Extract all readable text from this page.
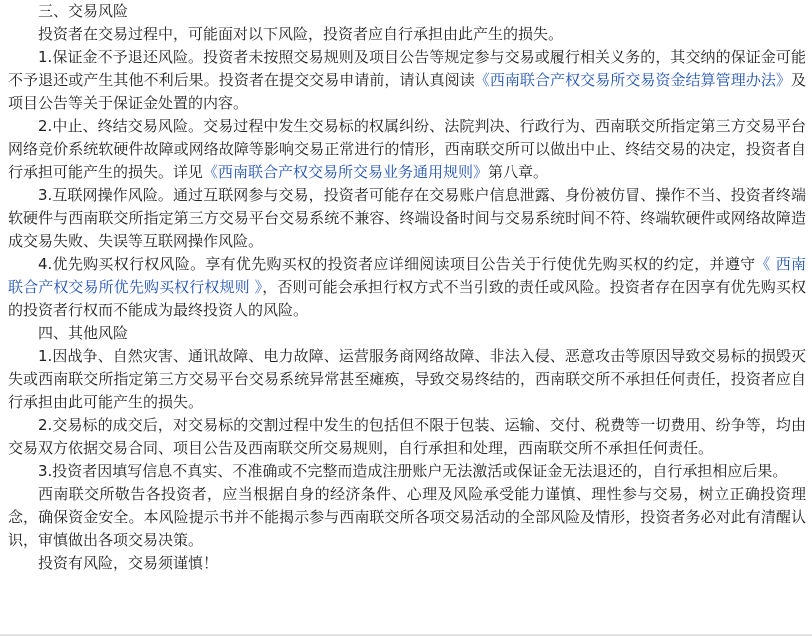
三、交易风险

投资者在交易过程中，可能面对以下风险，投资者应自行承担由此产生的损失。

1.保证金不予退还风险。投资者未按照交易规则及项目公告等规定参与交易或履行相关义务的，其交纳的保证金可能不予退还或产生其他不利后果。投资者在提交交易申请前，请认真阅读《西南联合产权交易所交易资金结算管理办法》及项目公告等关于保证金处置的内容。

2.中止、终结交易风险。交易过程中发生交易标的权属纠纷、法院判决、行政行为、西南联交所指定第三方交易平台网络竞价系统软硬件故障或网络故障等影响交易正常进行的情形，西南联交所可以做出中止、终结交易的决定，投资者自行承担可能产生的损失。详见《西南联合产权交易所交易业务通用规则》第八章。

3.互联网操作风险。通过互联网参与交易，投资者可能存在交易账户信息泄露、身份被仿冒、操作不当、投资者终端软硬件与西南联交所指定第三方交易平台交易系统不兼容、终端设备时间与交易系统时间不符、终端软硬件或网络故障造成交易失败、失误等互联网操作风险。

4.优先购买权行权风险。享有优先购买权的投资者应详细阅读项目公告关于行使优先购买权的约定，并遵守《 西南联合产权交易所优先购买权行权规则 》，否则可能会承担行权方式不当引致的责任或风险。投资者存在因享有优先购买权的投资者行权而不能成为最终投资人的风险。

四、其他风险

1.因战争、自然灾害、通讯故障、电力故障、运营服务商网络故障、非法入侵、恶意攻击等原因导致交易标的损毁灭失或西南联交所指定第三方交易平台交易系统异常甚至瘫痪，导致交易终结的，西南联交所不承担任何责任，投资者应自行承担由此可能产生的损失。

2.交易标的成交后，对交易标的交割过程中发生的包括但不限于包装、运输、交付、税费等一切费用、纷争等，均由交易双方依据交易合同、项目公告及西南联交所交易规则，自行承担和处理，西南联交所不承担任何责任。

3.投资者因填写信息不真实、不准确或不完整而造成注册账户无法激活或保证金无法退还的，自行承担相应后果。

西南联交所敬告各投资者，应当根据自身的经济条件、心理及风险承受能力谨慎、理性参与交易，树立正确投资理念，确保资金安全。本风险提示书并不能揭示参与西南联交所各项交易活动的全部风险及情形，投资者务必对此有清醒认识，审慎做出各项交易决策。

投资有风险，交易须谨慎！
